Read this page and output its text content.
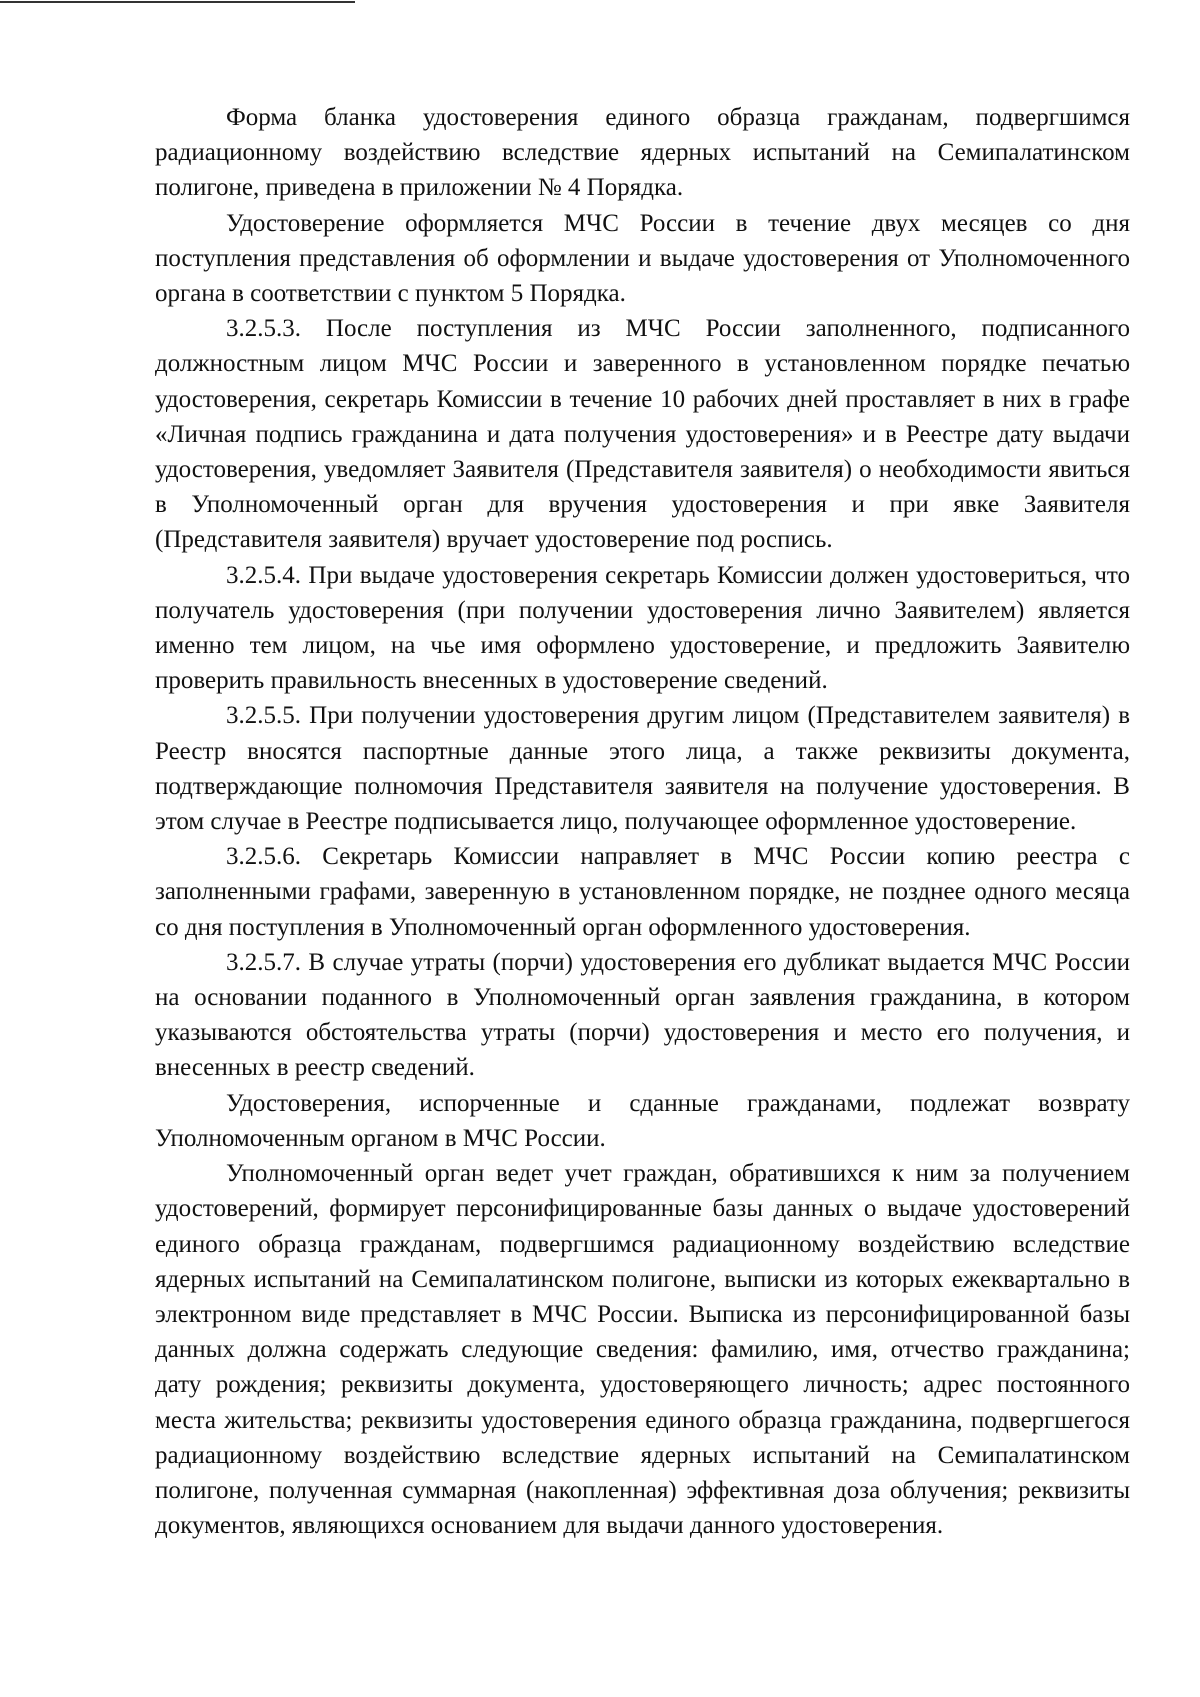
Форма бланка удостоверения единого образца гражданам, подвергшимся радиационному воздействию вследствие ядерных испытаний на Семипалатинском полигоне, приведена в приложении № 4 Порядка.

Удостоверение оформляется МЧС России в течение двух месяцев со дня поступления представления об оформлении и выдаче удостоверения от Уполномоченного органа в соответствии с пунктом 5 Порядка.

3.2.5.3. После поступления из МЧС России заполненного, подписанного должностным лицом МЧС России и заверенного в установленном порядке печатью удостоверения, секретарь Комиссии в течение 10 рабочих дней проставляет в них в графе «Личная подпись гражданина и дата получения удостоверения» и в Реестре дату выдачи удостоверения, уведомляет Заявителя (Представителя заявителя) о необходимости явиться в Уполномоченный орган для вручения удостоверения и при явке Заявителя (Представителя заявителя) вручает удостоверение под роспись.

3.2.5.4. При выдаче удостоверения секретарь Комиссии должен удостовериться, что получатель удостоверения (при получении удостоверения лично Заявителем) является именно тем лицом, на чье имя оформлено удостоверение, и предложить Заявителю проверить правильность внесенных в удостоверение сведений.

3.2.5.5. При получении удостоверения другим лицом (Представителем заявителя) в Реестр вносятся паспортные данные этого лица, а также реквизиты документа, подтверждающие полномочия Представителя заявителя на получение удостоверения. В этом случае в Реестре подписывается лицо, получающее оформленное удостоверение.

3.2.5.6. Секретарь Комиссии направляет в МЧС России копию реестра с заполненными графами, заверенную в установленном порядке, не позднее одного месяца со дня поступления в Уполномоченный орган оформленного удостоверения.

3.2.5.7. В случае утраты (порчи) удостоверения его дубликат выдается МЧС России на основании поданного в Уполномоченный орган заявления гражданина, в котором указываются обстоятельства утраты (порчи) удостоверения и место его получения, и внесенных в реестр сведений.

Удостоверения, испорченные и сданные гражданами, подлежат возврату Уполномоченным органом в МЧС России.

Уполномоченный орган ведет учет граждан, обратившихся к ним за получением удостоверений, формирует персонифицированные базы данных о выдаче удостоверений единого образца гражданам, подвергшимся радиационному воздействию вследствие ядерных испытаний на Семипалатинском полигоне, выписки из которых ежеквартально в электронном виде представляет в МЧС России. Выписка из персонифицированной базы данных должна содержать следующие сведения: фамилию, имя, отчество гражданина; дату рождения; реквизиты документа, удостоверяющего личность; адрес постоянного места жительства; реквизиты удостоверения единого образца гражданина, подвергшегося радиационному воздействию вследствие ядерных испытаний на Семипалатинском полигоне, полученная суммарная (накопленная) эффективная доза облучения; реквизиты документов, являющихся основанием для выдачи данного удостоверения.
